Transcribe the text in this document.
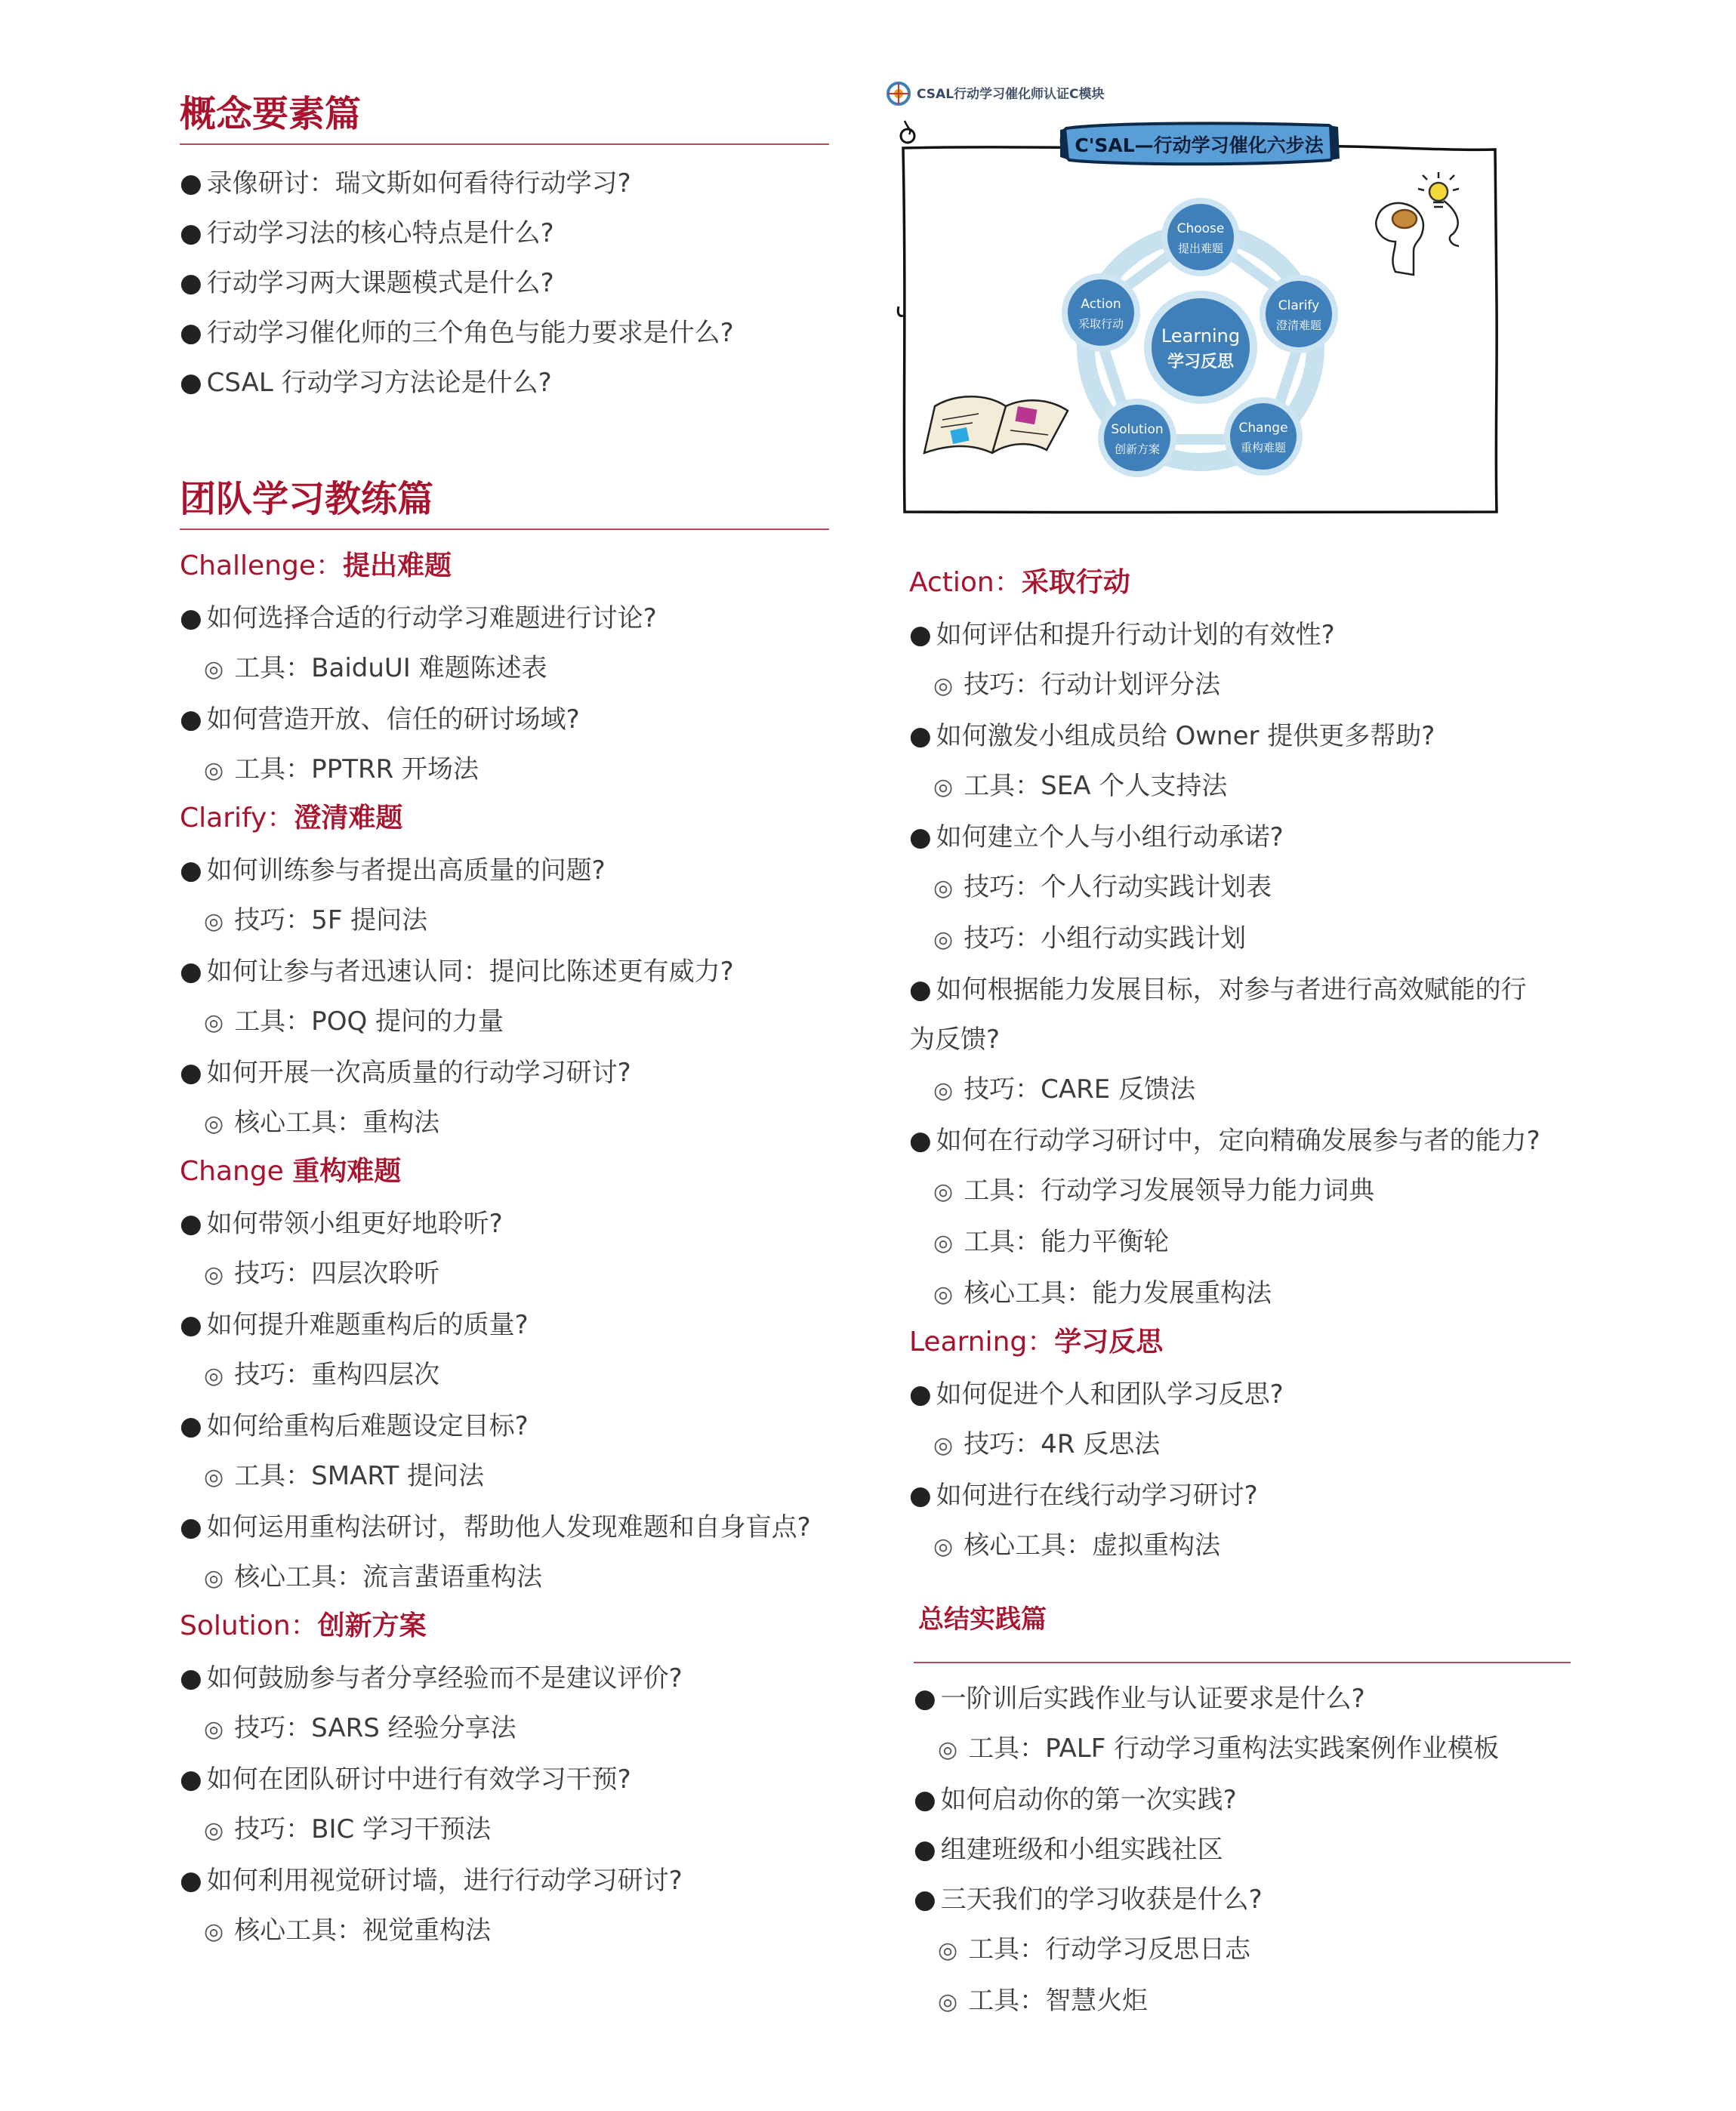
CSAL行动学习催化师认证C模块
C'SAL—行动学习催化六步法
Learning
学习反思
Choose
提出难题
Clarify
澄清难题
Change
重构难题
Solution
创新方案
Action
采取行动
概念要素篇
● 录像研讨：瑞文斯如何看待行动学习?
● 行动学习法的核心特点是什么?
● 行动学习两大课题模式是什么?
● 行动学习催化师的三个角色与能力要求是什么?
● CSAL 行动学习方法论是什么?
团队学习教练篇
Challenge：提出难题
● 如何选择合适的行动学习难题进行讨论?
◎ 工具：BaiduUI 难题陈述表
● 如何营造开放、信任的研讨场域?
◎ 工具：PPTRR 开场法
Clarify：澄清难题
● 如何训练参与者提出高质量的问题?
◎ 技巧：5F 提问法
● 如何让参与者迅速认同：提问比陈述更有威力?
◎ 工具：POQ 提问的力量
● 如何开展一次高质量的行动学习研讨?
◎ 核心工具：重构法
Change 重构难题
● 如何带领小组更好地聆听?
◎ 技巧：四层次聆听
● 如何提升难题重构后的质量?
◎ 技巧：重构四层次
● 如何给重构后难题设定目标?
◎ 工具：SMART 提问法
● 如何运用重构法研讨，帮助他人发现难题和自身盲点?
◎ 核心工具：流言蜚语重构法
Solution：创新方案
● 如何鼓励参与者分享经验而不是建议评价?
◎ 技巧：SARS 经验分享法
● 如何在团队研讨中进行有效学习干预?
◎ 技巧：BIC 学习干预法
● 如何利用视觉研讨墙，进行行动学习研讨?
◎ 核心工具：视觉重构法
Action：采取行动
● 如何评估和提升行动计划的有效性?
◎ 技巧：行动计划评分法
● 如何激发小组成员给 Owner 提供更多帮助?
◎ 工具：SEA 个人支持法
● 如何建立个人与小组行动承诺?
◎ 技巧：个人行动实践计划表
◎ 技巧：小组行动实践计划
● 如何根据能力发展目标，对参与者进行高效赋能的行
为反馈?
◎ 技巧：CARE 反馈法
● 如何在行动学习研讨中，定向精确发展参与者的能力?
◎ 工具：行动学习发展领导力能力词典
◎ 工具：能力平衡轮
◎ 核心工具：能力发展重构法
Learning：学习反思
● 如何促进个人和团队学习反思?
◎ 技巧：4R 反思法
● 如何进行在线行动学习研讨?
◎ 核心工具：虚拟重构法
总结实践篇
● 一阶训后实践作业与认证要求是什么?
◎ 工具：PALF 行动学习重构法实践案例作业模板
● 如何启动你的第一次实践?
● 组建班级和小组实践社区
● 三天我们的学习收获是什么?
◎ 工具：行动学习反思日志
◎ 工具：智慧火炬
